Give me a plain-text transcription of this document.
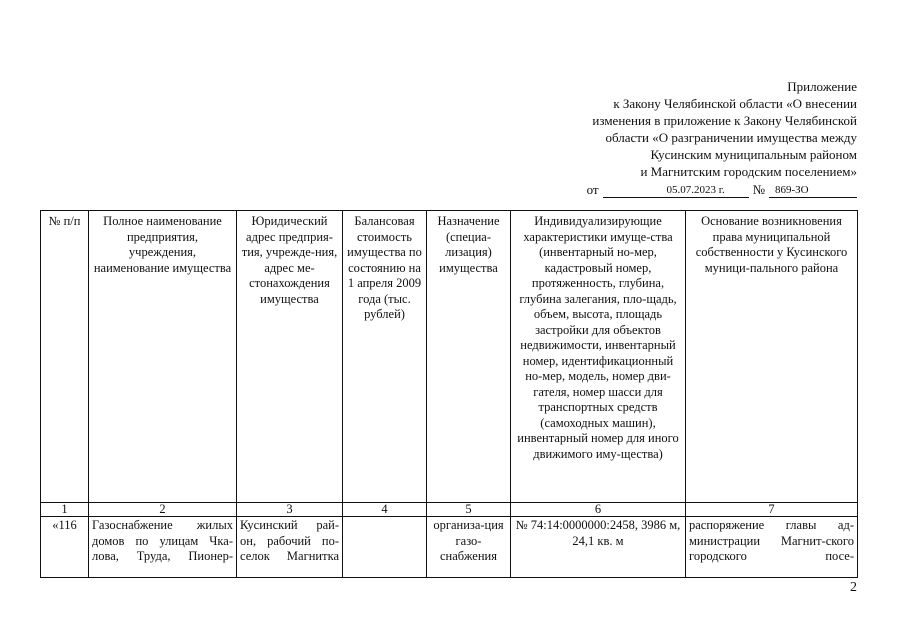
Приложение
к Закону Челябинской области «О внесении
изменения в приложение к Закону Челябинской
области «О разграничении имущества между
Кусинским муниципальным районом
и Магнитским городским поселением»
от	05.07.2023 г.	№ 869-ЗО
№ п/п	Полное наименование предприятия, учреждения, наименование имущества	Юридический адрес предприя-тия, учрежде-ния, адрес ме-стонахождения имущества	Балансовая стоимость имущества по состоянию на 1 апреля 2009 года (тыс. рублей)	Назначение (специа-лизация) имущества	Индивидуализирующие характеристики имуще-ства (инвентарный но-мер, кадастровый номер, протяженность, глубина, глубина залегания, пло-щадь, объем, высота, площадь застройки для объектов недвижимости, инвентарный номер, идентификационный но-мер, модель, номер дви-гателя, номер шасси для транспортных средств (самоходных машин), инвентарный номер для иного движимого иму-щества)	Основание возникновения права муниципальной собственности у Кусинского муници-пального района
1	2	3	4	5	6	7
«116	Газоснабжение жилых домов по улицам Чка-лова, Труда, Пионер-	Кусинский рай-он, рабочий по-селок Магнитка		организа-ция газо-снабжения	№ 74:14:0000000:2458, 3986 м, 24,1 кв. м	распоряжение главы ад-министрации Магнит-ского городского посе-
2
